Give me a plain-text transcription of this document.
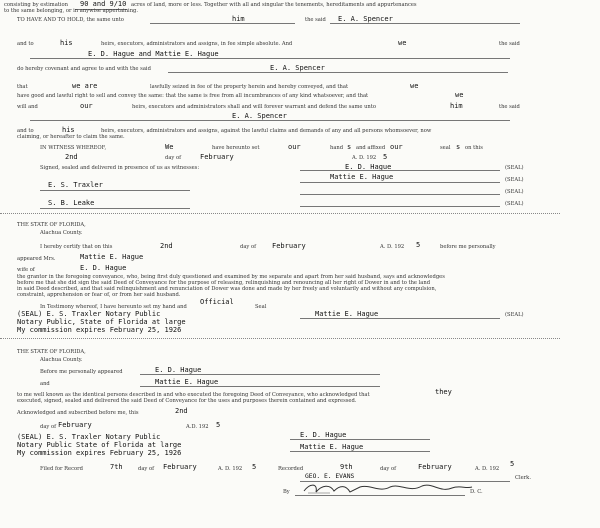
consisting by estimation 90 and 9/10 acres of land, more or less. Together with all and singular the tenements, hereditaments and appurtenances
to the same belonging, or in anywise appertaining.
TO HAVE AND TO HOLD, the same unto	him	the said E. A. Spencer
and to	his	heirs, executors, administrators and assigns, in fee simple absolute. And	we	the said
E. D. Hague and Mattie E. Hague
do hereby covenant and agree to and with the said	E. A. Spencer
that	we are	lawfully seized in fee of the property herein and hereby conveyed, and that	we
have good and lawful right to sell and convey the same: that the same is free from all incumbrances of any kind whatsoever, and that	we
will and	our	heirs, executors and administrators shall and will forever warrant and defend the same unto	him	the said
E. A. Spencer
and to	his	heirs, executors, administrators and assigns, against the lawful claims and demands of any and all persons whomsoever, now
claiming, or hereafter to claim the same.
IN WITNESS WHEREOF,	We	have hereunto set	our	hand s and affixed our	seal s on this
2nd	day of	February	A. D. 192 5
Signed, sealed and delivered in presence of us as witnesses:	E. D. Hague	(SEAL)
Mattie E. Hague	(SEAL)
E. S. Traxler
(SEAL)
S. B. Leake	(SEAL)
THE STATE OF FLORIDA,
Alachua County.
I hereby certify that on this	2nd	day of February	A. D. 192 5	before me personally
appeared Mrs.	Mattie E. Hague
wife of	E. D. Hague
the grantor in the foregoing conveyance, who, being first duly questioned and examined by me separate and apart from her said husband, says and acknowledges
before me that she did sign the said Deed of Conveyance for the purpose of releasing, relinquishing and renouncing all her right of Dower in and to the land
in said Deed described, and that said relinquishment and renunciation of Dower was done and made by her freely and voluntarily and without any compulsion,
constraint, apprehension or fear of, or from her said husband.
In Testimony whereof, I have hereunto set my hand and
Official
Seal
(SEAL) E. S. Traxler Notary Public
Notary Public, State of Florida at large
My commission expires February 25, 1926
Mattie E. Hague	(SEAL)
THE STATE OF FLORIDA,
Alachua County.
Before me personally appeared	E. D. Hague
and	Mattie E. Hague
to me well known as the identical persons described in and who executed the foregoing Deed of Conveyance, who acknowledged that	they
executed, signed, sealed and delivered the said Deed of Conveyance for the uses and purposes therein contained and expressed.
Acknowledged and subscribed before me, this	2nd
day of February	A.D. 192 5
(SEAL) E. S. Traxler Notary Public
Notary Public State of Florida at large
My commission expires February 25, 1926
E. D. Hague
Mattie E. Hague
Filed for Record	7th	day of February	A. D. 192 5	Recorded	9th	day of	February	A. D. 192
5
GEO. E. EVANS	Clerk.
By	D. C.
